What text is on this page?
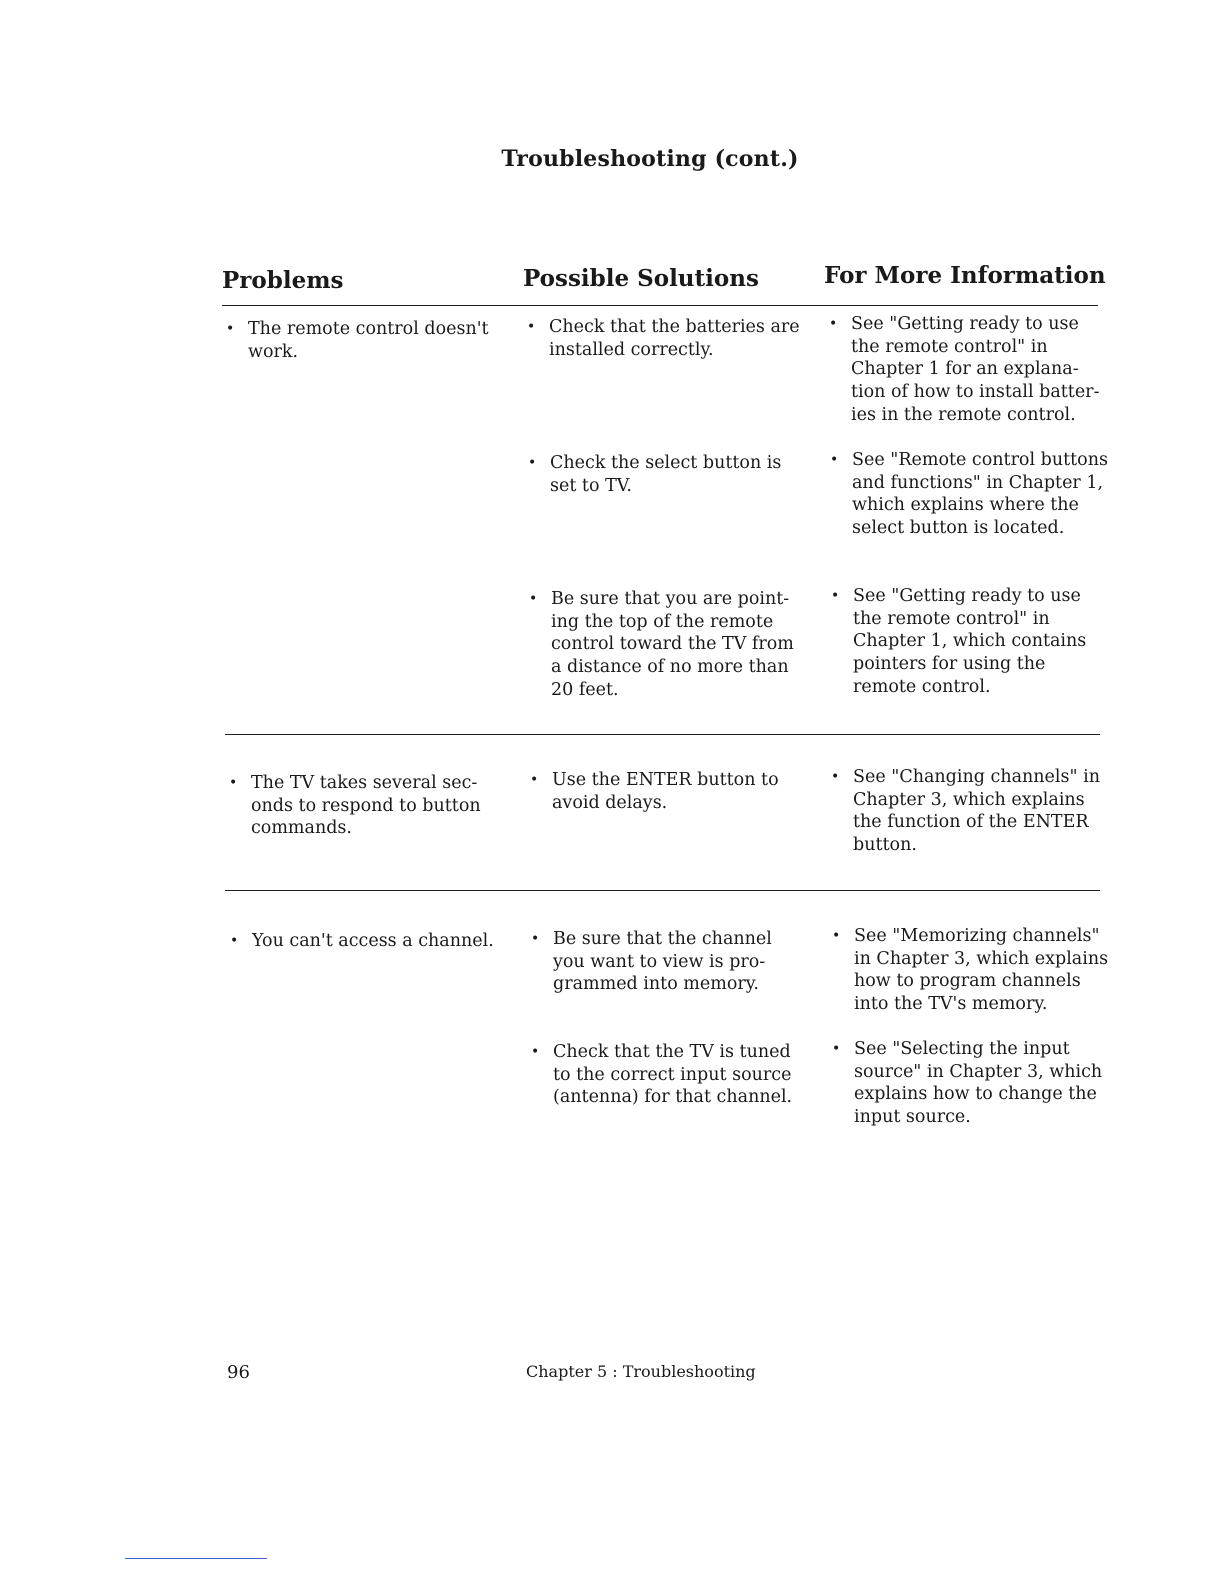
Troubleshooting (cont.)
Problems	Possible Solutions	For More Information
• The remote control doesn't work.
• Check that the batteries are installed correctly.
• Check the select button is set to TV.
• Be sure that you are pointing the top of the remote control toward the TV from a distance of no more than 20 feet.
• See "Getting ready to use the remote control" in Chapter 1 for an explanation of how to install batteries in the remote control.
• See "Remote control buttons and functions" in Chapter 1, which explains where the select button is located.
• See "Getting ready to use the remote control" in Chapter 1, which contains pointers for using the remote control.
• The TV takes several seconds to respond to button commands.
• Use the ENTER button to avoid delays.
• See "Changing channels" in Chapter 3, which explains the function of the ENTER button.
• You can't access a channel.
•	Be sure that the channel you want to view is programmed into memory.
• Check that the TV is tuned to the correct input source (antenna) for that channel.
• See "Memorizing channels" in Chapter 3, which explains how to program channels into the TV's memory.
• See "Selecting the input source" in Chapter 3, which explains how to change the input source.
96	Chapter 5 : Troubleshooting
